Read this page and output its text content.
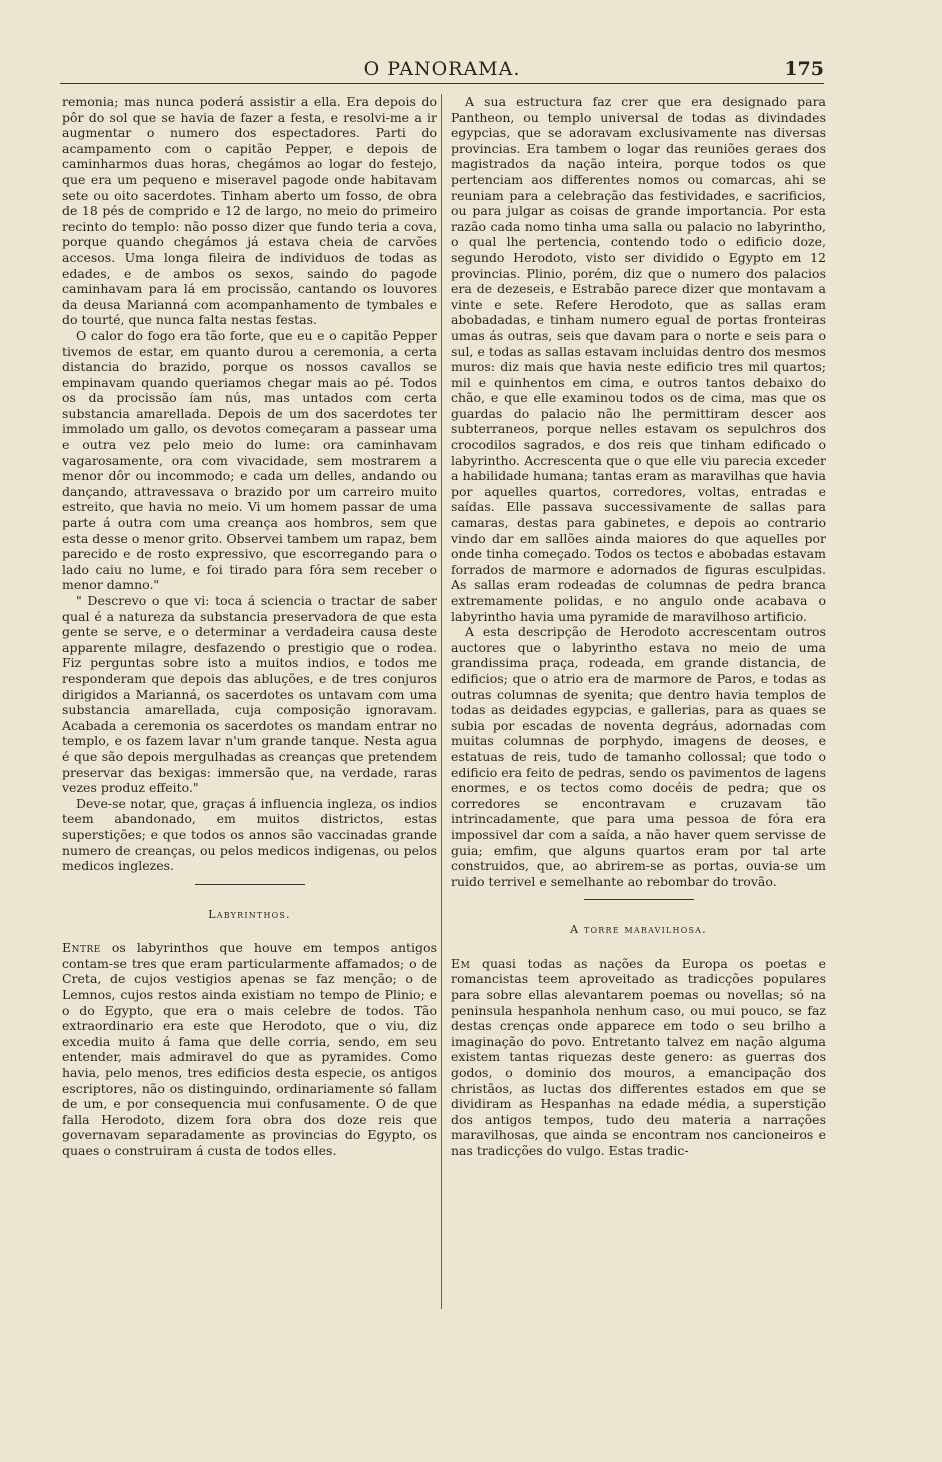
O PANORAMA.	175

remonia; mas nunca poderá assistir a ella. Era depois do pôr do sol que se havia de fazer a festa, e resolvi-me a ir augmentar o numero dos espectadores. Parti do acampamento com o capitão Pepper, e depois de caminharmos duas horas, chegámos ao logar do festejo, que era um pequeno e miseravel pagode onde habitavam sete ou oito sacerdotes. Tinham aberto um fosso, de obra de 18 pés de comprido e 12 de largo, no meio do primeiro recinto do templo: não posso dizer que fundo teria a cova, porque quando chegámos já estava cheia de carvões accesos. Uma longa fileira de individuos de todas as edades, e de ambos os sexos, saindo do pagode caminhavam para lá em procissão, cantando os louvores da deusa Marianná com acompanhamento de tymbales e do tourté, que nunca falta nestas festas.

O calor do fogo era tão forte, que eu e o capitão Pepper tivemos de estar, em quanto durou a ceremonia, a certa distancia do brazido, porque os nossos cavallos se empinavam quando queriamos chegar mais ao pé. Todos os da procissão íam nús, mas untados com certa substancia amarellada. Depois de um dos sacerdotes ter immolado um gallo, os devotos começaram a passear uma e outra vez pelo meio do lume: ora caminhavam vagarosamente, ora com vivacidade, sem mostrarem a menor dôr ou incommodo; e cada um delles, andando ou dançando, attravessava o brazido por um carreiro muito estreito, que havia no meio. Vi um homem passar de uma parte á outra com uma creança aos hombros, sem que esta desse o menor grito. Observei tambem um rapaz, bem parecido e de rosto expressivo, que escorregando para o lado caiu no lume, e foi tirado para fóra sem receber o menor damno."

" Descrevo o que vi: toca á sciencia o tractar de saber qual é a natureza da substancia preservadora de que esta gente se serve, e o determinar a verdadeira causa deste apparente milagre, desfazendo o prestigio que o rodea. Fiz perguntas sobre isto a muitos indios, e todos me responderam que depois das abluções, e de tres conjuros dirigidos a Marianná, os sacerdotes os untavam com uma substancia amarellada, cuja composição ignoravam. Acabada a ceremonia os sacerdotes os mandam entrar no templo, e os fazem lavar n'um grande tanque. Nesta agua é que são depois mergulhadas as creanças que pretendem preservar das bexigas: immersão que, na verdade, raras vezes produz effeito."

Deve-se notar, que, graças á influencia ingleza, os indios teem abandonado, em muitos districtos, estas superstições; e que todos os annos são vaccinadas grande numero de creanças, ou pelos medicos indigenas, ou pelos medicos inglezes.

Labyrinthos.

Entre os labyrinthos que houve em tempos antigos contam-se tres que eram particularmente affamados; o de Creta, de cujos vestigios apenas se faz menção; o de Lemnos, cujos restos ainda existiam no tempo de Plinio; e o do Egypto, que era o mais celebre de todos. Tão extraordinario era este que Herodoto, que o viu, diz excedia muito á fama que delle corria, sendo, em seu entender, mais admiravel do que as pyramides. Como havia, pelo menos, tres edificios desta especie, os antigos escriptores, não os distinguindo, ordinariamente só fallam de um, e por consequencia mui confusamente. O de que falla Herodoto, dizem fora obra dos doze reis que governavam separadamente as provincias do Egypto, os quaes o construiram á custa de todos elles.

A sua estructura faz crer que era designado para Pantheon, ou templo universal de todas as divindades egypcias, que se adoravam exclusivamente nas diversas provincias. Era tambem o logar das reuniões geraes dos magistrados da nação inteira, porque todos os que pertenciam aos differentes nomos ou comarcas, ahi se reuniam para a celebração das festividades, e sacrificios, ou para julgar as coisas de grande importancia. Por esta razão cada nomo tinha uma salla ou palacio no labyrintho, o qual lhe pertencia, contendo todo o edificio doze, segundo Herodoto, visto ser dividido o Egypto em 12 provincias. Plinio, porém, diz que o numero dos palacios era de dezeseis, e Estrabão parece dizer que montavam a vinte e sete. Refere Herodoto, que as sallas eram abobadadas, e tinham numero egual de portas fronteiras umas ás outras, seis que davam para o norte e seis para o sul, e todas as sallas estavam incluidas dentro dos mesmos muros: diz mais que havia neste edificio tres mil quartos; mil e quinhentos em cima, e outros tantos debaixo do chão, e que elle examinou todos os de cima, mas que os guardas do palacio não lhe permittiram descer aos subterraneos, porque nelles estavam os sepulchros dos crocodilos sagrados, e dos reis que tinham edificado o labyrintho. Accrescenta que o que elle viu parecia exceder a habilidade humana; tantas eram as maravilhas que havia por aquelles quartos, corredores, voltas, entradas e saídas. Elle passava successivamente de sallas para camaras, destas para gabinetes, e depois ao contrario vindo dar em sallões ainda maiores do que aquelles por onde tinha começado. Todos os tectos e abobadas estavam forrados de marmore e adornados de figuras esculpidas. As sallas eram rodeadas de columnas de pedra branca extremamente polidas, e no angulo onde acabava o labyrintho havia uma pyramide de maravilhoso artificio.

A esta descripção de Herodoto accrescentam outros auctores que o labyrintho estava no meio de uma grandissima praça, rodeada, em grande distancia, de edificios; que o atrio era de marmore de Paros, e todas as outras columnas de syenita; que dentro havia templos de todas as deidades egypcias, e gallerias, para as quaes se subia por escadas de noventa degráus, adornadas com muitas columnas de porphydo, imagens de deoses, e estatuas de reis, tudo de tamanho collossal; que todo o edificio era feito de pedras, sendo os pavimentos de lagens enormes, e os tectos como docéis de pedra; que os corredores se encontravam e cruzavam tão intrincadamente, que para uma pessoa de fóra era impossivel dar com a saída, a não haver quem servisse de guia; emfim, que alguns quartos eram por tal arte construidos, que, ao abrirem-se as portas, ouvia-se um ruido terrivel e semelhante ao rebombar do trovão.

A torre maravilhosa.

Em quasi todas as nações da Europa os poetas e romancistas teem aproveitado as tradicções populares para sobre ellas alevantarem poemas ou novellas; só na peninsula hespanhola nenhum caso, ou mui pouco, se faz destas crenças onde apparece em todo o seu brilho a imaginação do povo. Entretanto talvez em nação alguma existem tantas riquezas deste genero: as guerras dos godos, o dominio dos mouros, a emancipação dos christãos, as luctas dos differentes estados em que se dividiram as Hespanhas na edade média, a superstição dos antigos tempos, tudo deu materia a narrações maravilhosas, que ainda se encontram nos cancioneiros e nas tradicções do vulgo. Estas tradic-
